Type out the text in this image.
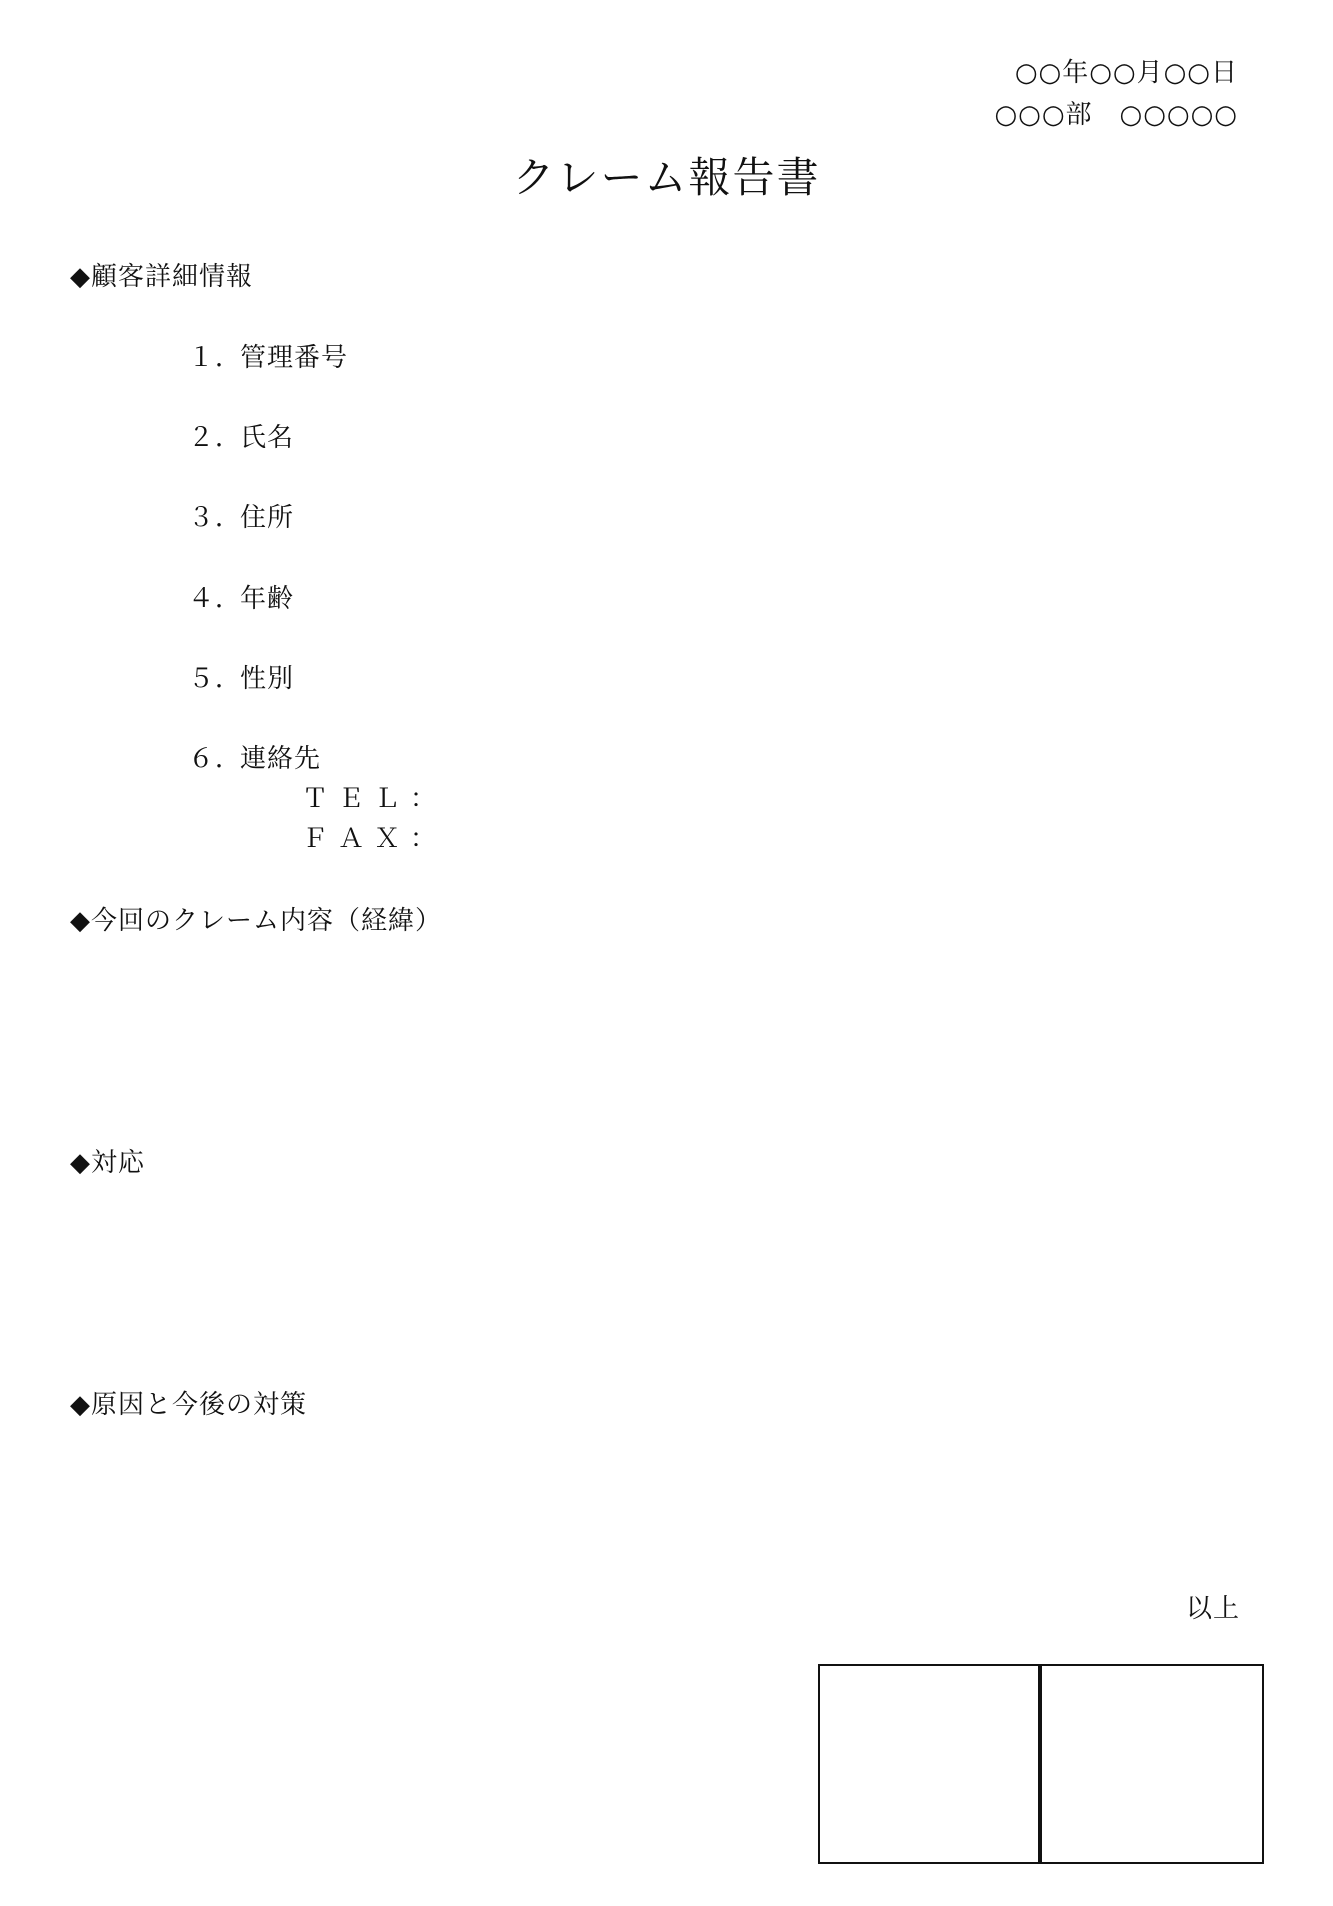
○○年○○月○○日
○○○部　○○○○○
クレーム報告書
◆顧客詳細情報
１．管理番号
２．氏名
３．住所
４．年齢
５．性別
６．連絡先
ＴＥＬ：
ＦＡＸ：
◆今回のクレーム内容（経緯）
◆対応
◆原因と今後の対策
以上
